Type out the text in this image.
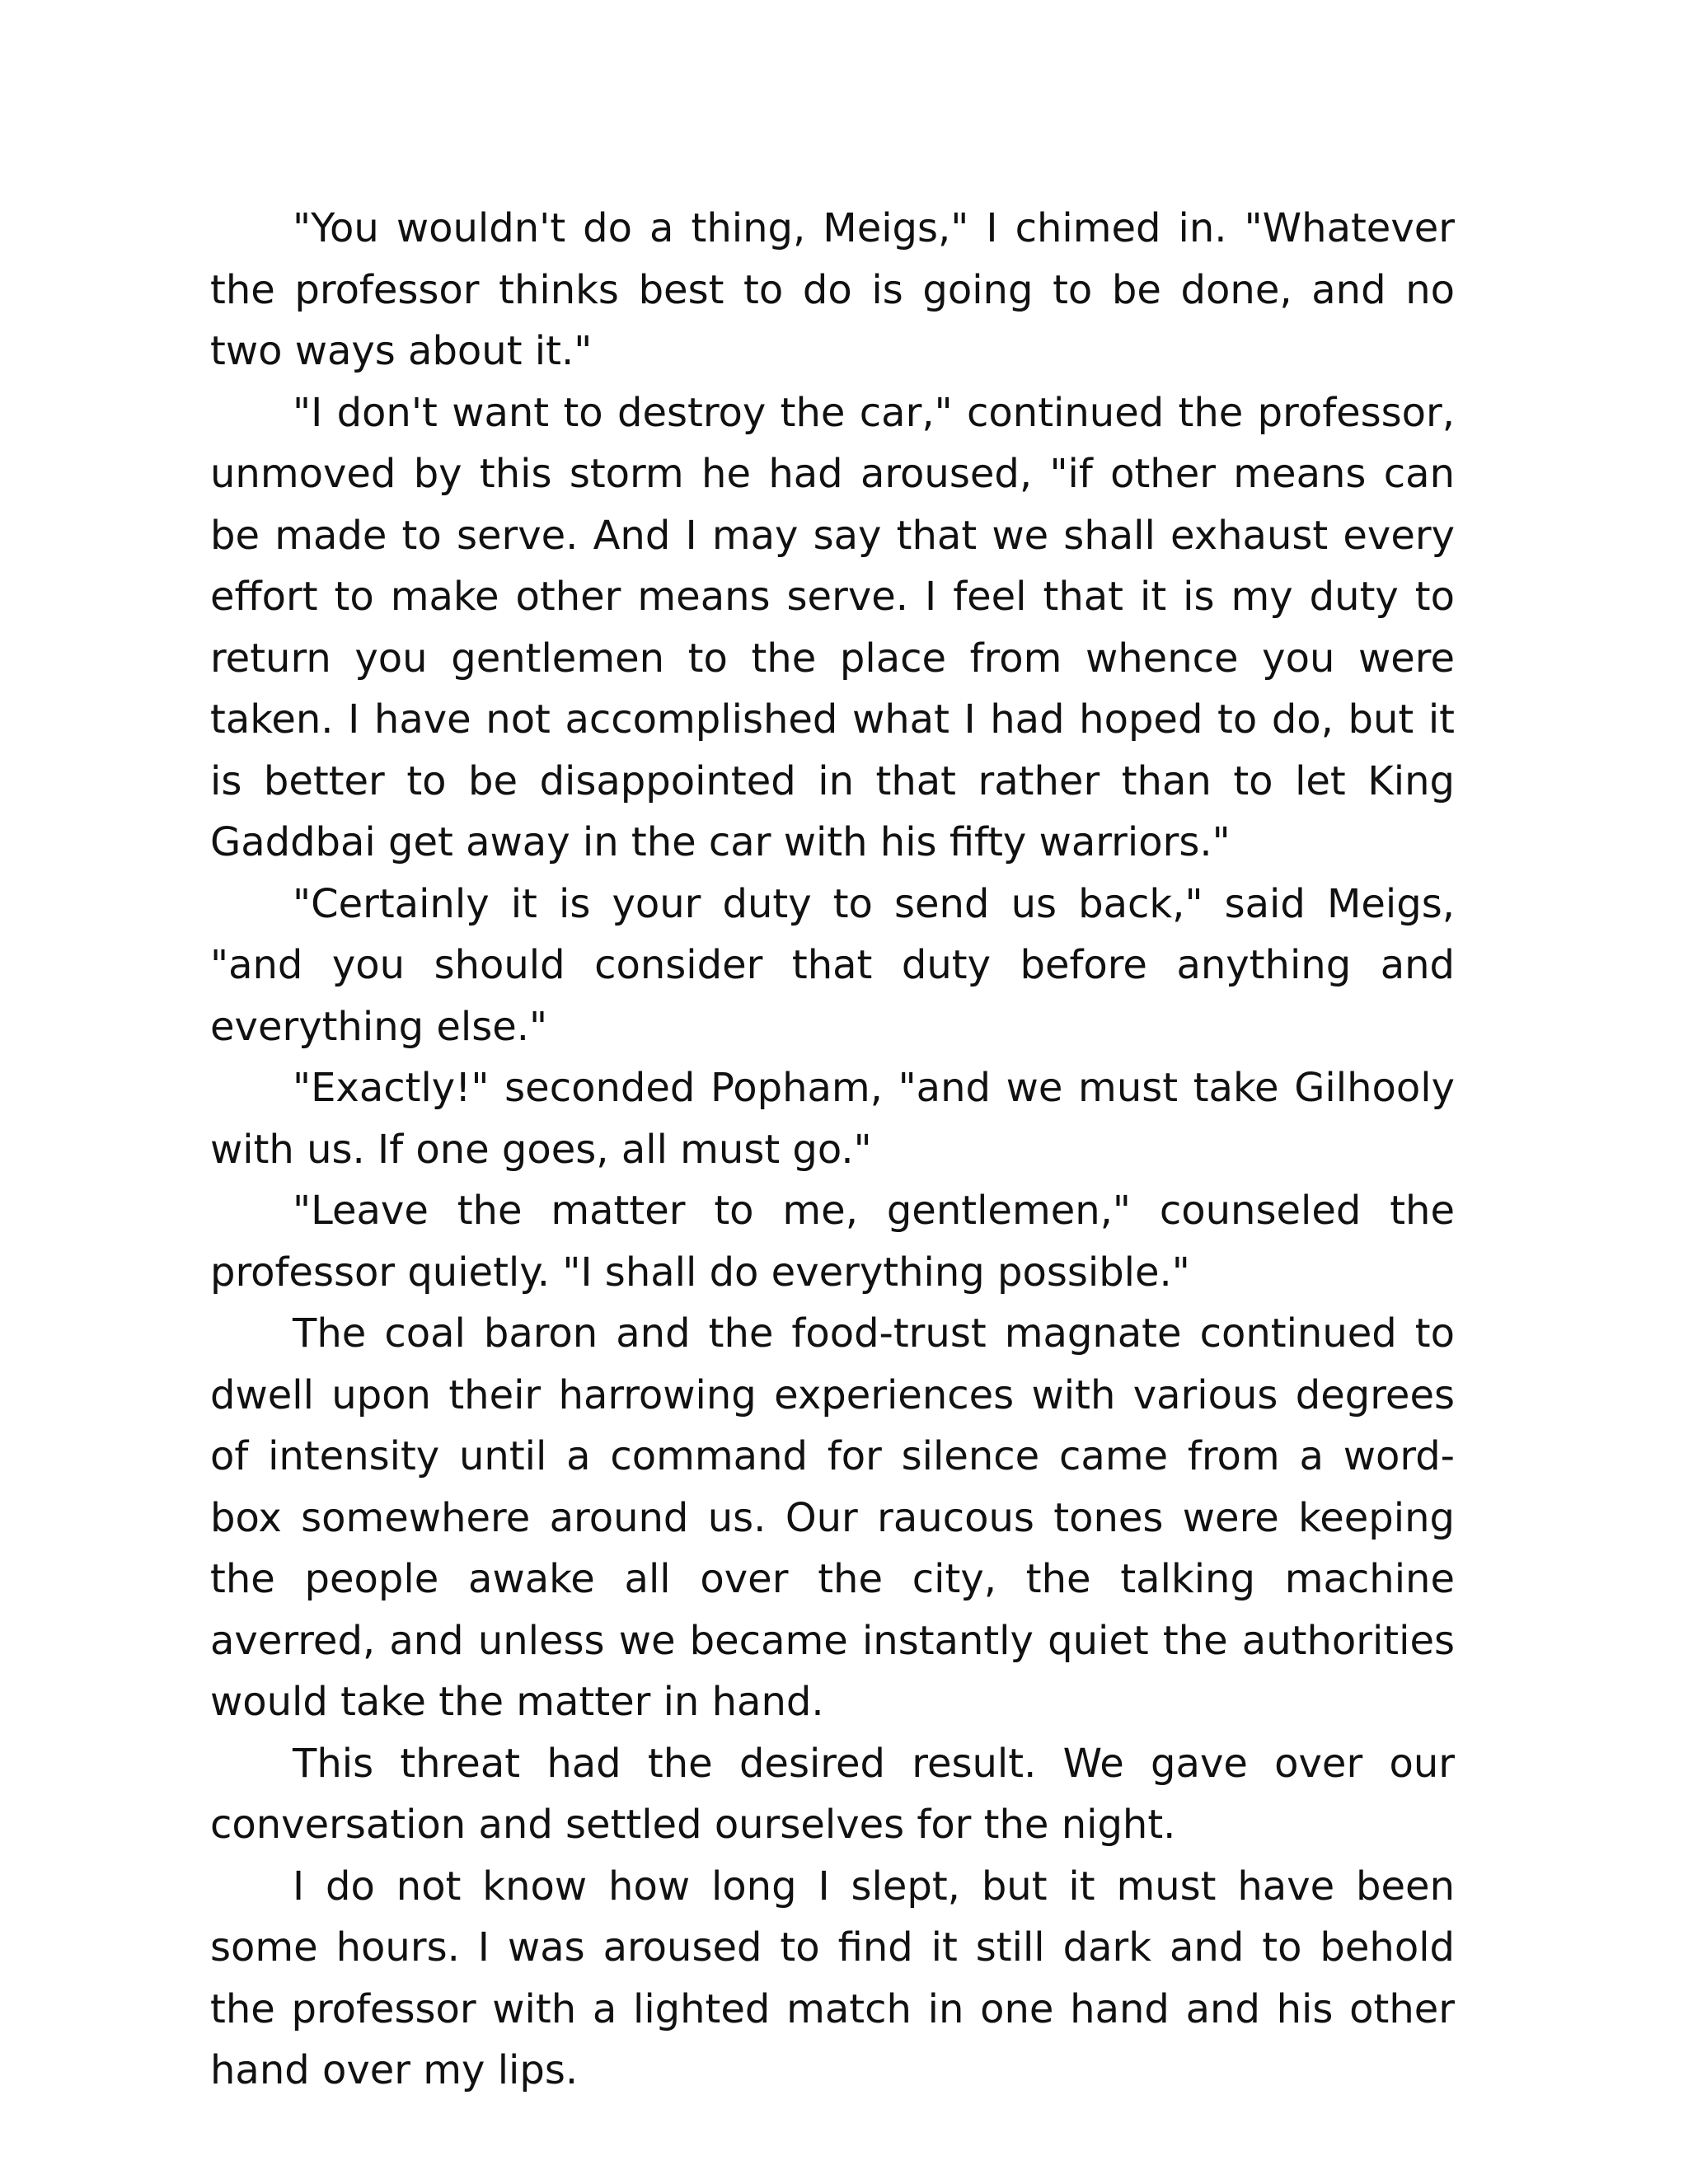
"You wouldn't do a thing, Meigs," I chimed in. "Whatever the professor thinks best to do is going to be done, and no two ways about it."

"I don't want to destroy the car," continued the professor, unmoved by this storm he had aroused, "if other means can be made to serve. And I may say that we shall exhaust every effort to make other means serve. I feel that it is my duty to return you gentlemen to the place from whence you were taken. I have not accomplished what I had hoped to do, but it is better to be disappointed in that rather than to let King Gaddbai get away in the car with his fifty warriors."

"Certainly it is your duty to send us back," said Meigs, "and you should consider that duty before anything and everything else."

"Exactly!" seconded Popham, "and we must take Gilhooly with us. If one goes, all must go."

"Leave the matter to me, gentlemen," counseled the professor quietly. "I shall do everything possible."

The coal baron and the food-trust magnate continued to dwell upon their harrowing experiences with various degrees of intensity until a command for silence came from a word-box somewhere around us. Our raucous tones were keeping the people awake all over the city, the talking machine averred, and unless we became instantly quiet the authorities would take the matter in hand.

This threat had the desired result. We gave over our conversation and settled ourselves for the night.

I do not know how long I slept, but it must have been some hours. I was aroused to find it still dark and to behold the professor with a lighted match in one hand and his other hand over my lips.
